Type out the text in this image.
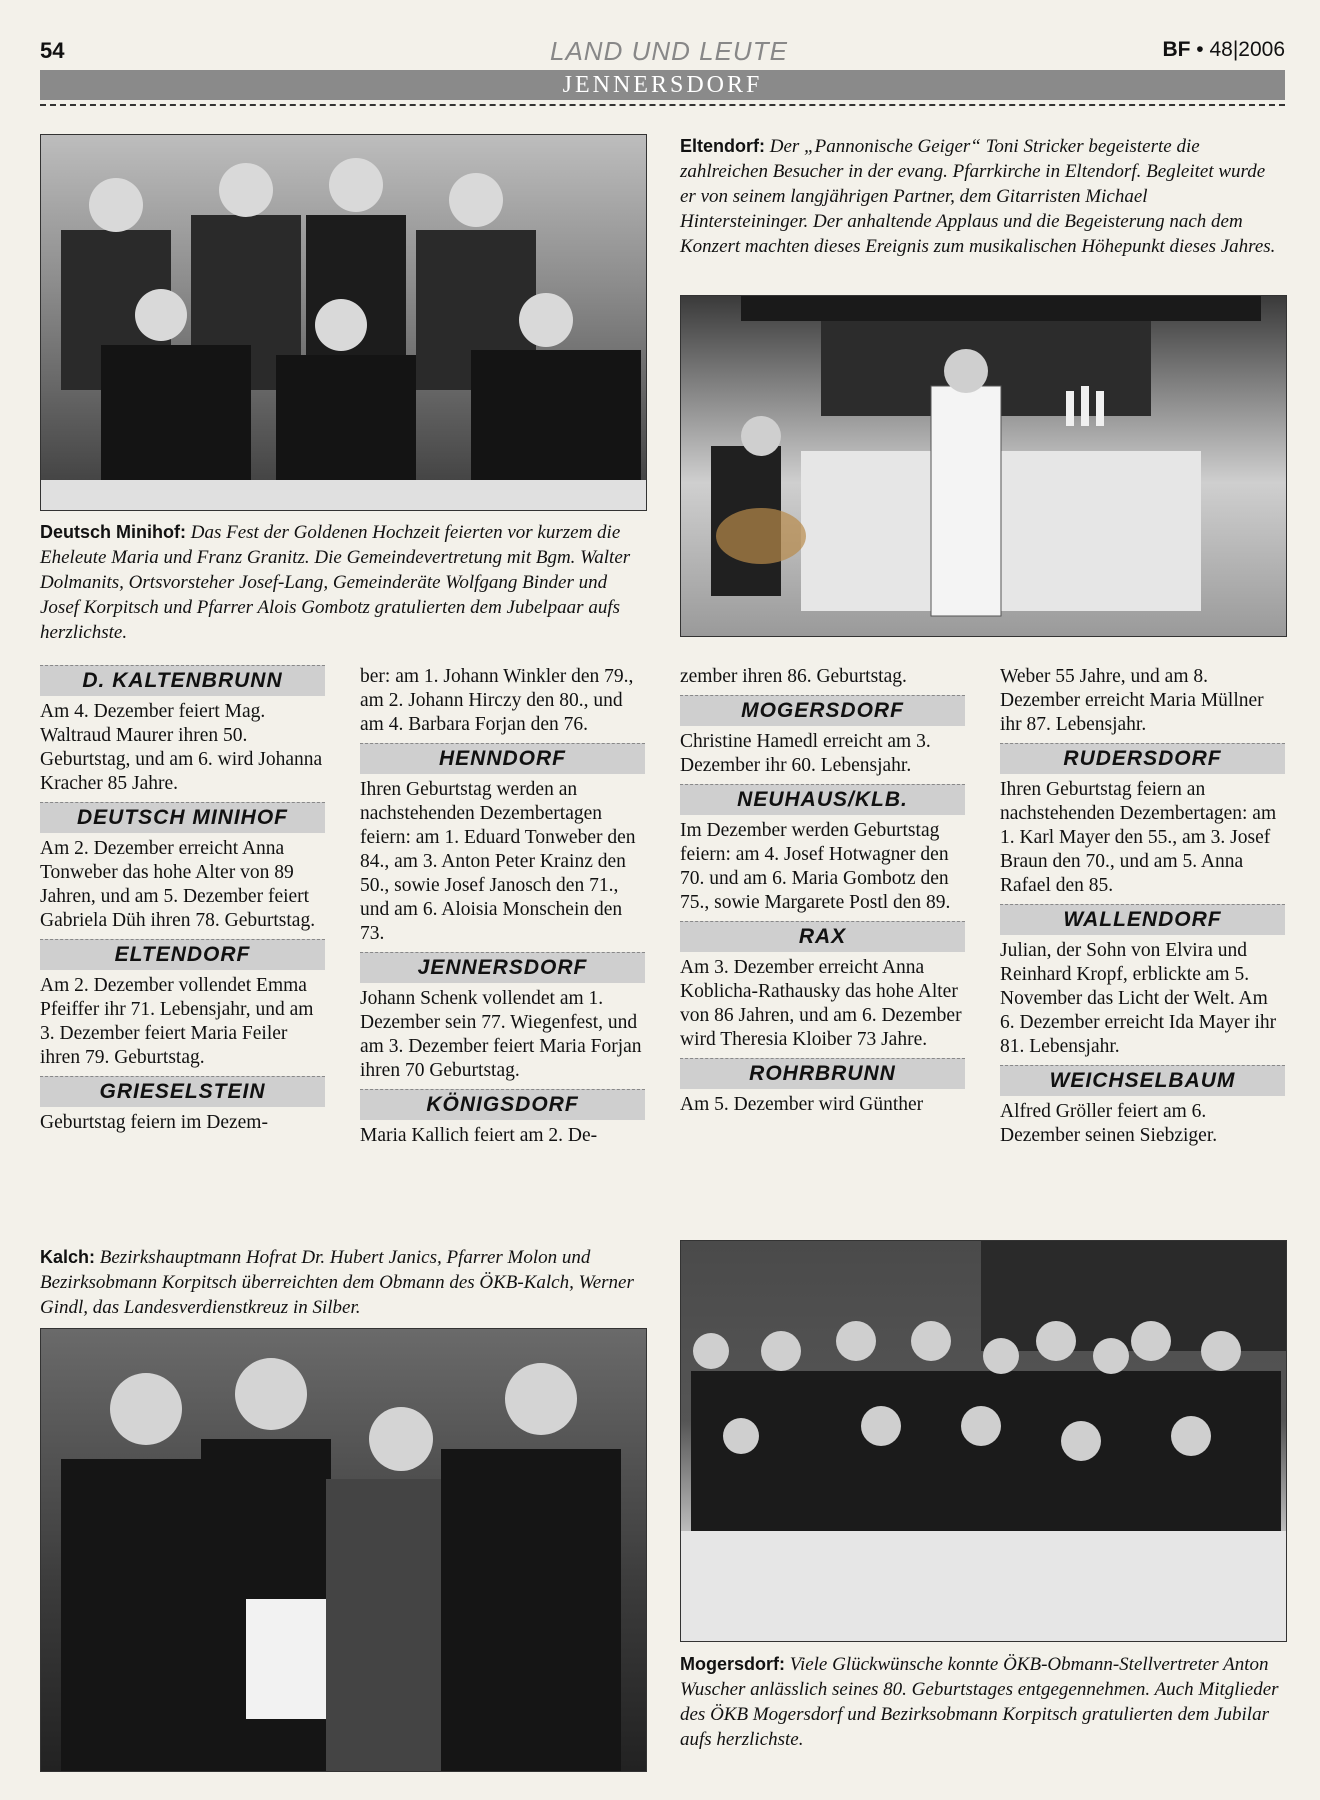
54	LAND UND LEUTE	BF • 48|2006
JENNERSDORF
Deutsch Minihof: Das Fest der Goldenen Hochzeit feierten vor kurzem die Eheleute Maria und Franz Granitz. Die Gemeindevertretung mit Bgm. Walter Dolmanits, Ortsvorsteher Josef-Lang, Gemeinderäte Wolfgang Binder und Josef Korpitsch und Pfarrer Alois Gombotz gratulierten dem Jubelpaar aufs herzlichste.
Eltendorf: Der „Pannonische Geiger“ Toni Stricker begeisterte die zahlreichen Besucher in der evang. Pfarrkirche in Eltendorf. Begleitet wurde er von seinem langjährigen Partner, dem Gitarristen Michael Hintersteininger. Der anhaltende Applaus und die Begeisterung nach dem Konzert machten dieses Ereignis zum musikalischen Höhepunkt dieses Jahres.
D. KALTENBRUNN

Am 4. Dezember feiert Mag. Waltraud Maurer ihren 50. Geburtstag, und am 6. wird Johanna Kracher 85 Jahre.

DEUTSCH MINIHOF

Am 2. Dezember erreicht Anna Tonweber das hohe Alter von 89 Jahren, und am 5. Dezember feiert Gabriela Düh ihren 78. Geburtstag.

ELTENDORF

Am 2. Dezember vollendet Emma Pfeiffer ihr 71. Lebensjahr, und am 3. Dezember feiert Maria Feiler ihren 79. Geburtstag.

GRIESELSTEIN

Geburtstag feiern im Dezem-

ber: am 1. Johann Winkler den 79., am 2. Johann Hirczy den 80., und am 4. Barbara Forjan den 76.

HENNDORF

Ihren Geburtstag werden an nachstehenden Dezembertagen feiern: am 1. Eduard Tonweber den 84., am 3. Anton Peter Krainz den 50., sowie Josef Janosch den 71., und am 6. Aloisia Monschein den 73.

JENNERSDORF

Johann Schenk vollendet am 1. Dezember sein 77. Wiegenfest, und am 3. Dezember feiert Maria Forjan ihren 70 Geburtstag.

KÖNIGSDORF

Maria Kallich feiert am 2. De-

zember ihren 86. Geburtstag.

MOGERSDORF

Christine Hamedl erreicht am 3. Dezember ihr 60. Lebensjahr.

NEUHAUS/KLB.

Im Dezember werden Geburtstag feiern: am 4. Josef Hotwagner den 70. und am 6. Maria Gombotz den 75., sowie Margarete Postl den 89.

RAX

Am 3. Dezember erreicht Anna Koblicha-Rathausky das hohe Alter von 86 Jahren, und am 6. Dezember wird Theresia Kloiber 73 Jahre.

ROHRBRUNN

Am 5. Dezember wird Günther

Weber 55 Jahre, und am 8. Dezember erreicht Maria Müllner ihr 87. Lebensjahr.

RUDERSDORF

Ihren Geburtstag feiern an nachstehenden Dezembertagen: am 1. Karl Mayer den 55., am 3. Josef Braun den 70., und am 5. Anna Rafael den 85.

WALLENDORF

Julian, der Sohn von Elvira und Reinhard Kropf, erblickte am 5. November das Licht der Welt. Am 6. Dezember erreicht Ida Mayer ihr 81. Lebensjahr.

WEICHSELBAUM

Alfred Gröller feiert am 6. Dezember seinen Siebziger.

Kalch: Bezirkshauptmann Hofrat Dr. Hubert Janics, Pfarrer Molon und Bezirksobmann Korpitsch überreichten dem Obmann des ÖKB-Kalch, Werner Gindl, das Landesverdienstkreuz in Silber.
Mogersdorf: Viele Glückwünsche konnte ÖKB-Obmann-Stellvertreter Anton Wuscher anlässlich seines 80. Geburtstages entgegennehmen. Auch Mitglieder des ÖKB Mogersdorf und Bezirksobmann Korpitsch gratulierten dem Jubilar aufs herzlichste.
